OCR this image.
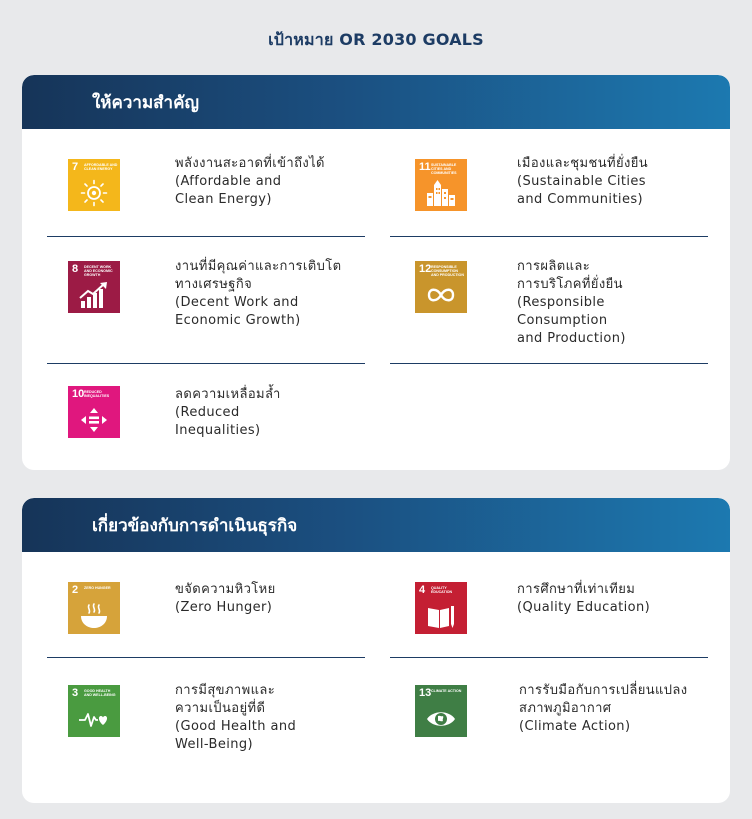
เป้าหมาย OR 2030 GOALS
ให้ความสำคัญ
7 AFFORDABLE AND CLEAN ENERGY	พลังงานสะอาดที่เข้าถึงได้
(Affordable and
Clean Energy)
11 SUSTAINABLE CITIES AND COMMUNITIES
เมืองและชุมชนที่ยั่งยืน
(Sustainable Cities
and Communities)
8 DECENT WORK AND ECONOMIC GROWTH
งานที่มีคุณค่าและการเติบโต
ทางเศรษฐกิจ
(Decent Work and
Economic Growth)
12 RESPONSIBLE CONSUMPTION AND PRODUCTION
การผลิตและ
การบริโภคที่ยั่งยืน
(Responsible
Consumption
and Production)
10 REDUCED INEQUALITIES	ลดความเหลื่อมล้ำ
(Reduced
Inequalities)
เกี่ยวข้องกับการดำเนินธุรกิจ
2 ZERO HUNGER	ขจัดความหิวโหย
(Zero Hunger)
4 QUALITY EDUCATION	การศึกษาที่เท่าเทียม
(Quality Education)
3 GOOD HEALTH AND WELL-BEING	การมีสุขภาพและ
ความเป็นอยู่ที่ดี
(Good Health and
Well-Being)
13 CLIMATE ACTION	การรับมือกับการเปลี่ยนแปลง
สภาพภูมิอากาศ
(Climate Action)
